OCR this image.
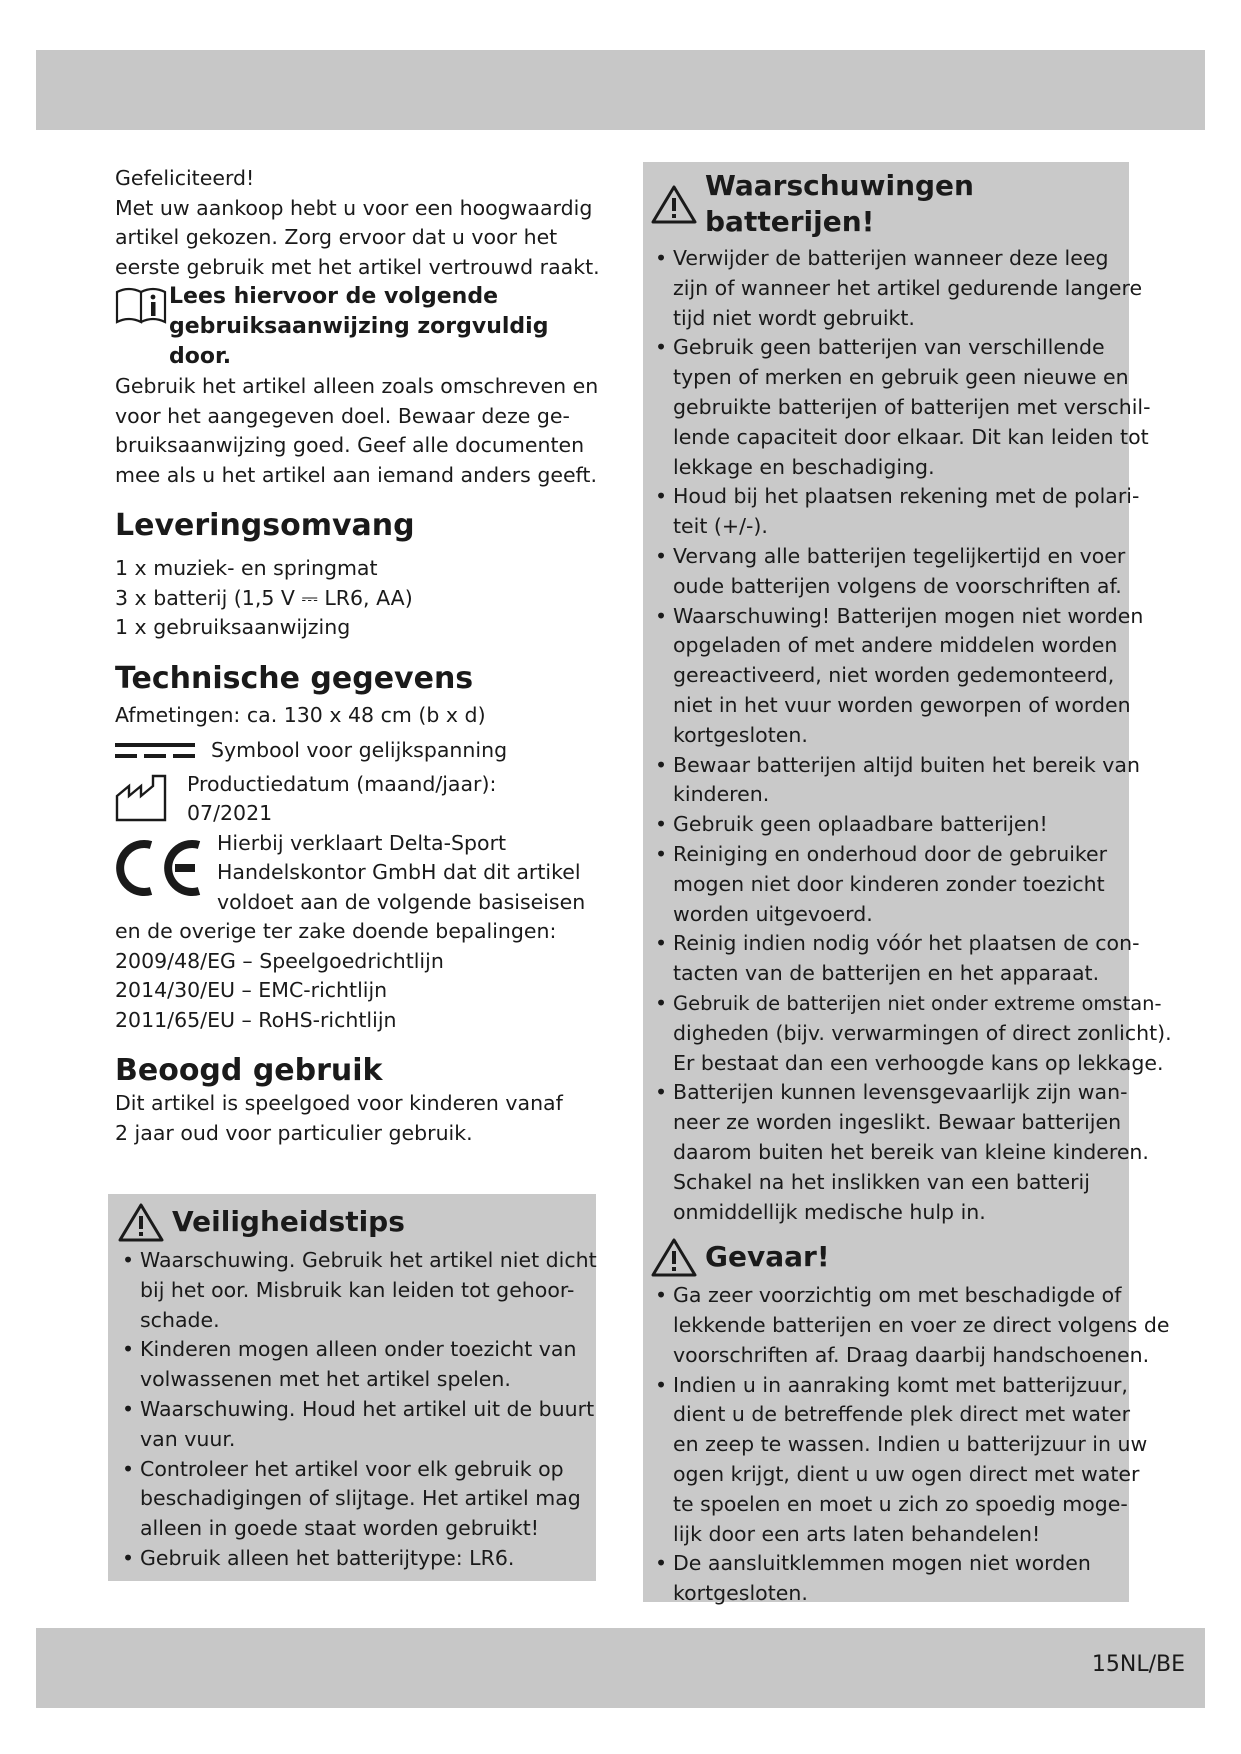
15NL/BE
Gefeliciteerd!
Met uw aankoop hebt u voor een hoogwaardig
artikel gekozen. Zorg ervoor dat u voor het
eerste gebruik met het artikel vertrouwd raakt.
Lees hiervoor de volgende
gebruiksaanwijzing zorgvuldig
door.
Gebruik het artikel alleen zoals omschreven en
voor het aangegeven doel. Bewaar deze ge-
bruiksaanwijzing goed. Geef alle documenten
mee als u het artikel aan iemand anders geeft.
Leveringsomvang
1 x muziek- en springmat
3 x batterij (1,5 V ⎓ LR6, AA)
1 x gebruiksaanwijzing
Technische gegevens

Afmetingen: ca. 130 x 48 cm (b x d)

Symbool voor gelijkspanning
Productiedatum (maand/jaar):
07/2021
Hierbij verklaart Delta-Sport
Handelskontor GmbH dat dit artikel
voldoet aan de volgende basiseisen
en de overige ter zake doende bepalingen:
2009/48/EG – Speelgoedrichtlijn
2014/30/EU – EMC-richtlijn
2011/65/EU – RoHS-richtlijn
Beoogd gebruik
Dit artikel is speelgoed voor kinderen vanaf
2 jaar oud voor particulier gebruik.
Veiligheidstips
• Waarschuwing. Gebruik het artikel niet dicht
bij het oor. Misbruik kan leiden tot gehoor-
schade.
• Kinderen mogen alleen onder toezicht van
volwassenen met het artikel spelen.
• Waarschuwing. Houd het artikel uit de buurt
van vuur.
• Controleer het artikel voor elk gebruik op
beschadigingen of slijtage. Het artikel mag
alleen in goede staat worden gebruikt!
• Gebruik alleen het batterijtype: LR6.
Waarschuwingen batterijen!
• Verwijder de batterijen wanneer deze leeg
zijn of wanneer het artikel gedurende langere
tijd niet wordt gebruikt.
• Gebruik geen batterijen van verschillende
typen of merken en gebruik geen nieuwe en
gebruikte batterijen of batterijen met verschil-
lende capaciteit door elkaar. Dit kan leiden tot
lekkage en beschadiging.
• Houd bij het plaatsen rekening met de polari-
teit (+/-).
• Vervang alle batterijen tegelijkertijd en voer
oude batterijen volgens de voorschriften af.
• Waarschuwing! Batterijen mogen niet worden
opgeladen of met andere middelen worden
gereactiveerd, niet worden gedemonteerd,
niet in het vuur worden geworpen of worden
kortgesloten.
• Bewaar batterijen altijd buiten het bereik van
kinderen.
• Gebruik geen oplaadbare batterijen!
• Reiniging en onderhoud door de gebruiker
mogen niet door kinderen zonder toezicht
worden uitgevoerd.
• Reinig indien nodig vóór het plaatsen de con-
tacten van de batterijen en het apparaat.
• Gebruik de batterijen niet onder extreme omstan-
digheden (bijv. verwarmingen of direct zonlicht).
Er bestaat dan een verhoogde kans op lekkage.
• Batterijen kunnen levensgevaarlijk zijn wan-
neer ze worden ingeslikt. Bewaar batterijen
daarom buiten het bereik van kleine kinderen.
Schakel na het inslikken van een batterij
onmiddellijk medische hulp in.
Gevaar!
• Ga zeer voorzichtig om met beschadigde of
lekkende batterijen en voer ze direct volgens de
voorschriften af. Draag daarbij handschoenen.
• Indien u in aanraking komt met batterijzuur,
dient u de betreffende plek direct met water
en zeep te wassen. Indien u batterijzuur in uw
ogen krijgt, dient u uw ogen direct met water
te spoelen en moet u zich zo spoedig moge-
lijk door een arts laten behandelen!
• De aansluitklemmen mogen niet worden
kortgesloten.
